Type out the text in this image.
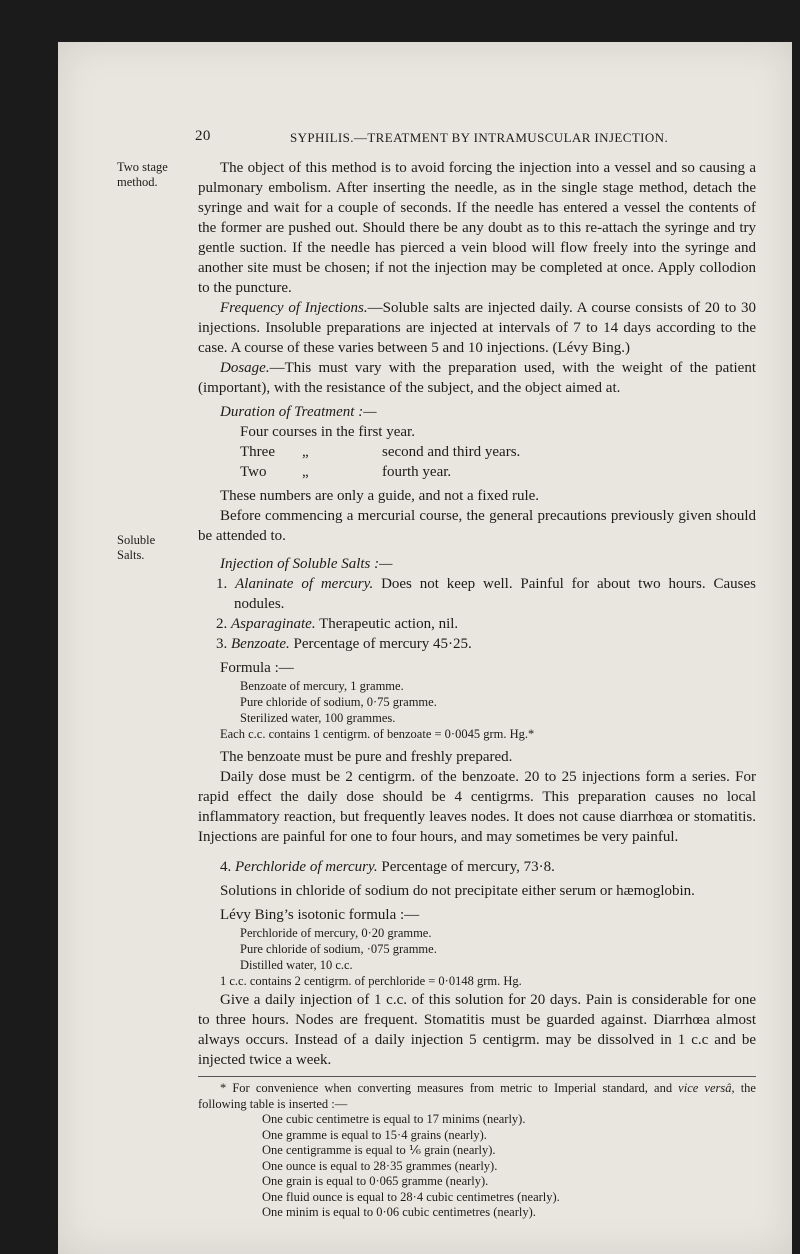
20	SYPHILIS.—TREATMENT BY INTRAMUSCULAR INJECTION.
Two stage
method.
Soluble
Salts.

The object of this method is to avoid forcing the injection into a vessel and so causing a pulmonary embolism. After inserting the needle, as in the single stage method, detach the syringe and wait for a couple of seconds. If the needle has entered a vessel the contents of the former are pushed out. Should there be any doubt as to this re-attach the syringe and try gentle suction. If the needle has pierced a vein blood will flow freely into the syringe and another site must be chosen; if not the injection may be completed at once. Apply collodion to the puncture.

Frequency of Injections.—Soluble salts are injected daily. A course consists of 20 to 30 injections. Insoluble preparations are injected at intervals of 7 to 14 days according to the case. A course of these varies between 5 and 10 injections. (Lévy Bing.)

Dosage.—This must vary with the preparation used, with the weight of the patient (important), with the resistance of the subject, and the object aimed at.

Duration of Treatment :—

Four courses in the first year.
Three	„	second and third years.
Two	„	fourth year.

These numbers are only a guide, and not a fixed rule.

Before commencing a mercurial course, the general precautions previously given should be attended to.

Injection of Soluble Salts :—
1. Alaninate of mercury. Does not keep well. Painful for about two hours. Causes nodules.
2. Asparaginate. Therapeutic action, nil.
3. Benzoate. Percentage of mercury 45·25.
Formula :—
Benzoate of mercury, 1 gramme.
Pure chloride of sodium, 0·75 gramme.
Sterilized water, 100 grammes.
Each c.c. contains 1 centigrm. of benzoate = 0·0045 grm. Hg.*

The benzoate must be pure and freshly prepared.

Daily dose must be 2 centigrm. of the benzoate. 20 to 25 injections form a series. For rapid effect the daily dose should be 4 centigrms. This preparation causes no local inflammatory reaction, but frequently leaves nodes. It does not cause diarrhœa or stomatitis. Injections are painful for one to four hours, and may sometimes be very painful.

4. Perchloride of mercury. Percentage of mercury, 73·8.

Solutions in chloride of sodium do not precipitate either serum or hæmoglobin.

Lévy Bing’s isotonic formula :—
Perchloride of mercury, 0·20 gramme.
Pure chloride of sodium, ·075 gramme.
Distilled water, 10 c.c.
1 c.c. contains 2 centigrm. of perchloride = 0·0148 grm. Hg.

Give a daily injection of 1 c.c. of this solution for 20 days. Pain is considerable for one to three hours. Nodes are frequent. Stomatitis must be guarded against. Diarrhœa almost always occurs. Instead of a daily injection 5 centigrm. may be dissolved in 1 c.c and be injected twice a week.

* For convenience when converting measures from metric to Imperial standard, and vice versâ, the following table is inserted :—

One cubic centimetre is equal to 17 minims (nearly).
One gramme is equal to 15·4 grains (nearly).
One centigramme is equal to ⅙ grain (nearly).
One ounce is equal to 28·35 grammes (nearly).
One grain is equal to 0·065 gramme (nearly).
One fluid ounce is equal to 28·4 cubic centimetres (nearly).
One minim is equal to 0·06 cubic centimetres (nearly).
